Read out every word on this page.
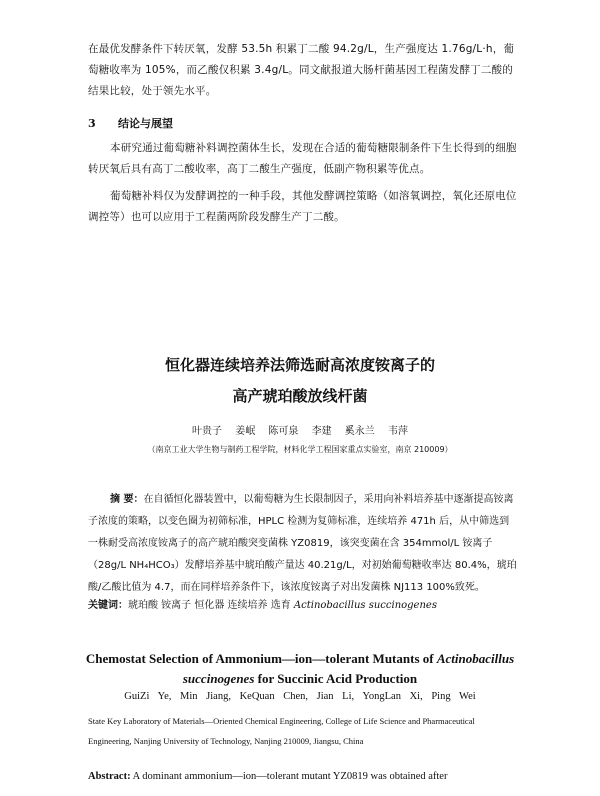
在最优发酵条件下转厌氧，发酵 53.5h 积累丁二酸 94.2g/L，生产强度达 1.76g/L·h，葡萄糖收率为 105%，而乙酸仅积累 3.4g/L。同文献报道大肠杆菌基因工程菌发酵丁二酸的结果比较，处于领先水平。
3 结论与展望
本研究通过葡萄糖补料调控菌体生长，发现在合适的葡萄糖限制条件下生长得到的细胞转厌氧后具有高丁二酸收率，高丁二酸生产强度，低副产物积累等优点。
葡萄糖补料仅为发酵调控的一种手段，其他发酵调控策略（如溶氧调控，氧化还原电位调控等）也可以应用于工程菌两阶段发酵生产丁二酸。
恒化器连续培养法筛选耐高浓度铵离子的
高产琥珀酸放线杆菌
叶贵子 姜岷 陈可泉 李建 奚永兰 韦萍
（南京工业大学生物与制药工程学院，材料化学工程国家重点实验室，南京 210009）
摘 要：在自循恒化器装置中，以葡萄糖为生长限制因子，采用向补料培养基中逐渐提高铵离子浓度的策略，以变色圈为初筛标准，HPLC 检测为复筛标准，连续培养 471h 后，从中筛选到一株耐受高浓度铵离子的高产琥珀酸突变菌株 YZ0819，该突变菌在含 354mmol/L 铵离子（28g/L NH₄HCO₃）发酵培养基中琥珀酸产量达 40.21g/L，对初始葡萄糖收率达 80.4%，琥珀酸/乙酸比值为 4.7，而在同样培养条件下，该浓度铵离子对出发菌株 NJ113 100%致死。
关键词：琥珀酸 铵离子 恒化器 连续培养 选育 Actinobacillus succinogenes
Chemostat Selection of Ammonium—ion—tolerant Mutants of Actinobacillus
succinogenes for Succinic Acid Production
GuiZi Ye, Min Jiang, KeQuan Chen, Jian Li, YongLan Xi, Ping Wei
State Key Laboratory of Materials—Oriented Chemical Engineering, College of Life Science and Pharmaceutical Engineering, Nanjing University of Technology, Nanjing 210009, Jiangsu, China
Abstract: A dominant ammonium—ion—tolerant mutant YZ0819 was obtained after
